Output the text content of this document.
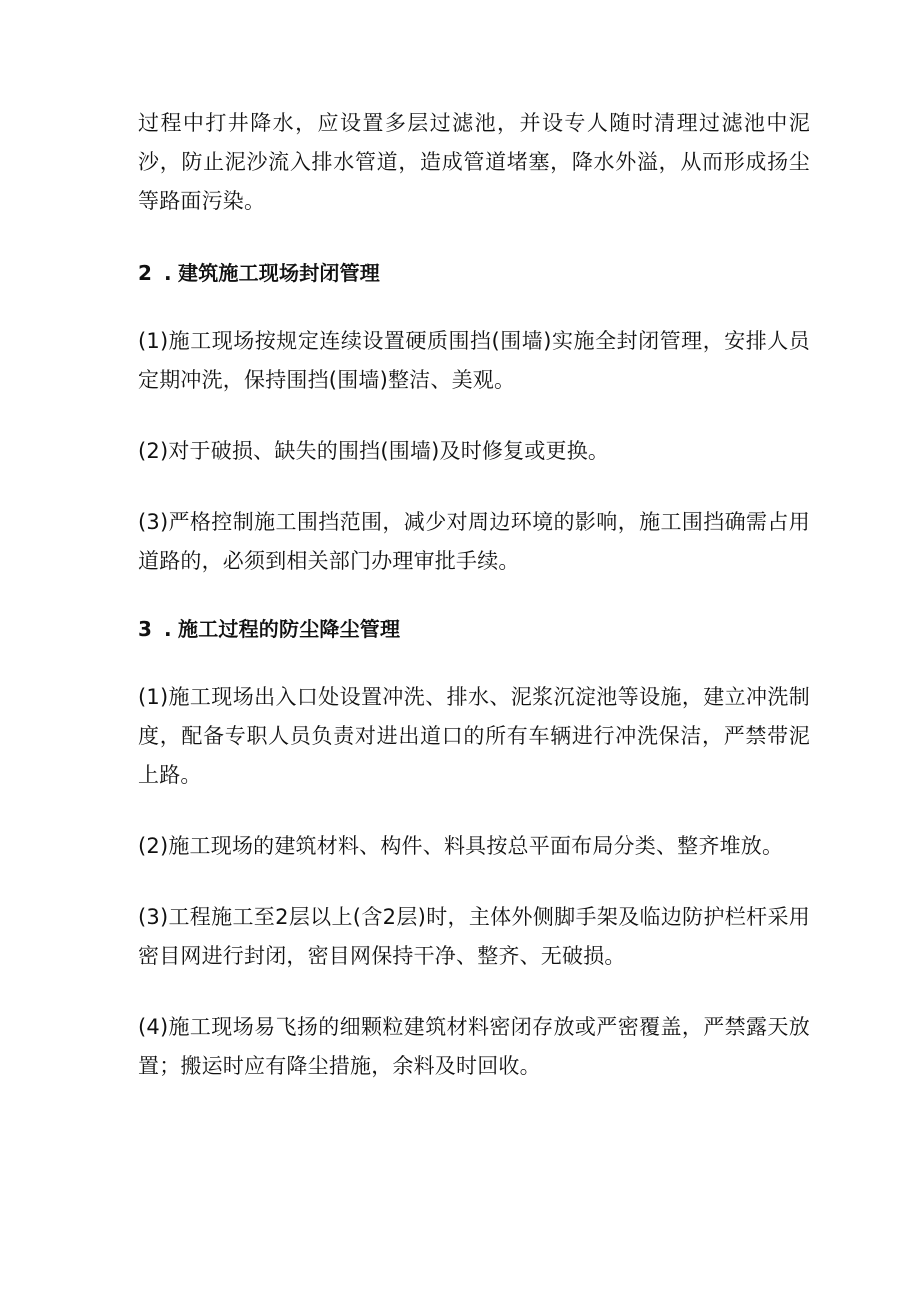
过程中打井降水，应设置多层过滤池，并设专人随时清理过滤池中泥沙，防止泥沙流入排水管道，造成管道堵塞，降水外溢，从而形成扬尘等路面污染。

2 . 建筑施工现场封闭管理

(1)施工现场按规定连续设置硬质围挡(围墙)实施全封闭管理，安排人员定期冲洗，保持围挡(围墙)整洁、美观。

(2)对于破损、缺失的围挡(围墙)及时修复或更换。

(3)严格控制施工围挡范围，减少对周边环境的影响，施工围挡确需占用道路的，必须到相关部门办理审批手续。

3 . 施工过程的防尘降尘管理

(1)施工现场出入口处设置冲洗、排水、泥浆沉淀池等设施，建立冲洗制度，配备专职人员负责对进出道口的所有车辆进行冲洗保洁，严禁带泥上路。

(2)施工现场的建筑材料、构件、料具按总平面布局分类、整齐堆放。

(3)工程施工至2层以上(含2层)时，主体外侧脚手架及临边防护栏杆采用密目网进行封闭，密目网保持干净、整齐、无破损。

(4)施工现场易飞扬的细颗粒建筑材料密闭存放或严密覆盖，严禁露天放置；搬运时应有降尘措施，余料及时回收。
